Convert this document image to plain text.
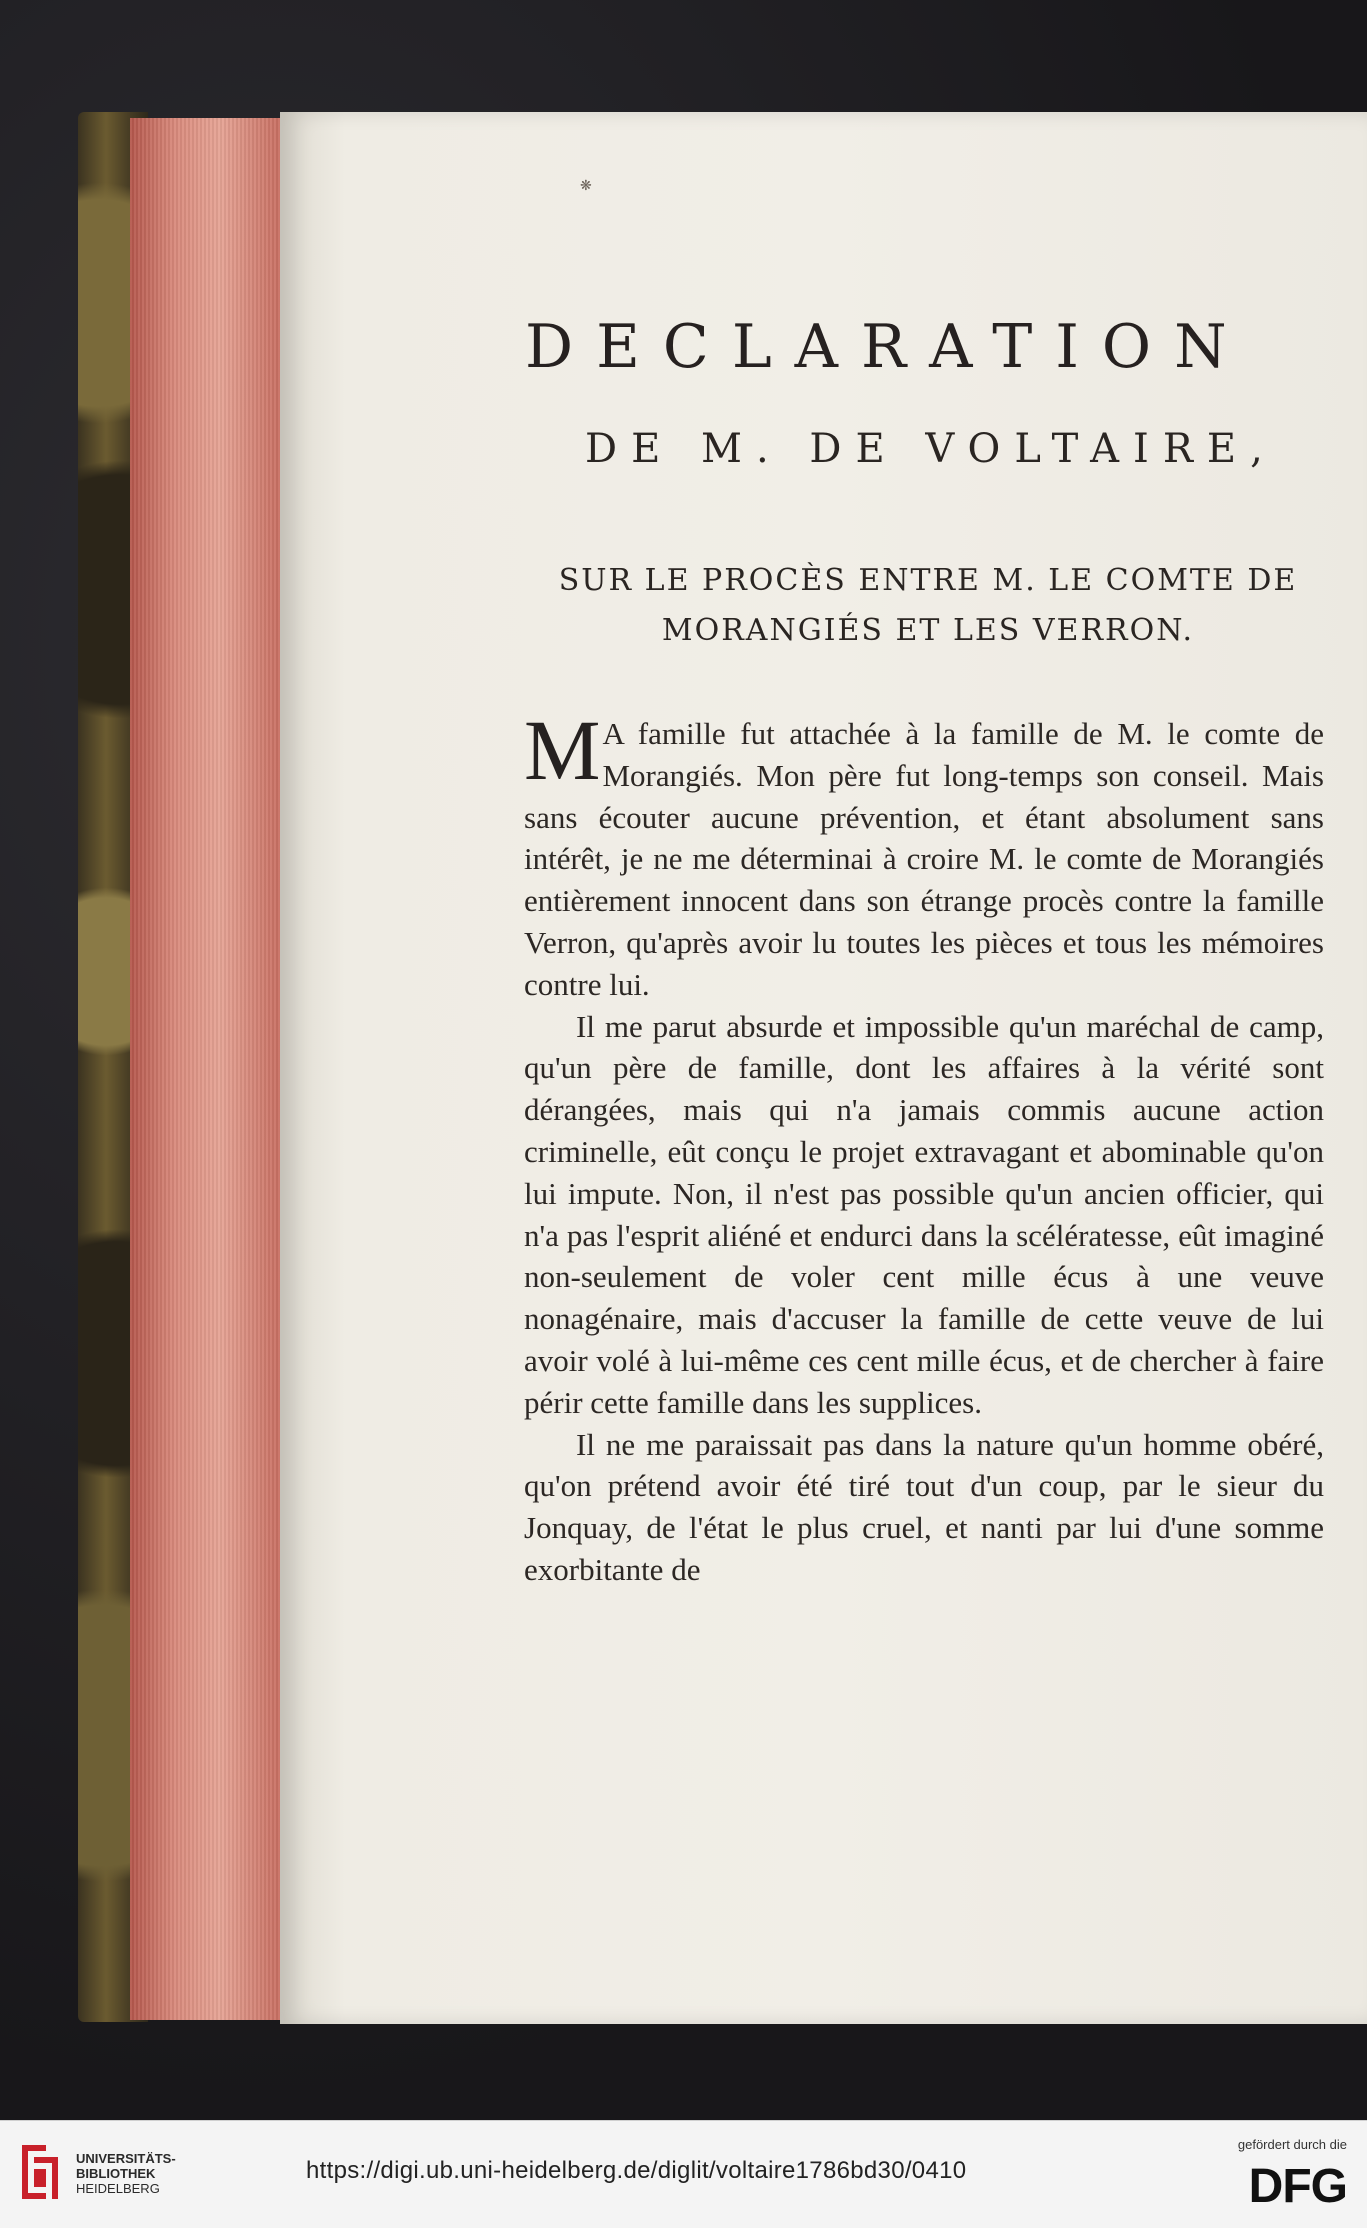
❋
DECLARATION
DE M. DE VOLTAIRE,
SUR LE PROCÈS ENTRE M. LE COMTE DE MORANGIÉS ET LES VERRON.

M A famille fut attachée à la famille de M. le comte de Morangiés. Mon père fut long-temps son conseil. Mais sans écouter aucune prévention, et étant absolument sans intérêt, je ne me déterminai à croire M. le comte de Morangiés entièrement innocent dans son étrange procès contre la famille Verron, qu'après avoir lu toutes les pièces et tous les mémoires contre lui.

Il me parut absurde et impossible qu'un maréchal de camp, qu'un père de famille, dont les affaires à la vérité sont dérangées, mais qui n'a jamais commis aucune action criminelle, eût conçu le projet extravagant et abominable qu'on lui impute. Non, il n'est pas possible qu'un ancien officier, qui n'a pas l'esprit aliéné et endurci dans la scélératesse, eût imaginé non-seulement de voler cent mille écus à une veuve nonagénaire, mais d'accuser la famille de cette veuve de lui avoir volé à lui-même ces cent mille écus, et de chercher à faire périr cette famille dans les supplices.

Il ne me paraissait pas dans la nature qu'un homme obéré, qu'on prétend avoir été tiré tout d'un coup, par le sieur du Jonquay, de l'état le plus cruel, et nanti par lui d'une somme exorbitante de

UNIVERSITÄTS-
BIBLIOTHEK
HEIDELBERG
https://digi.ub.uni-heidelberg.de/diglit/voltaire1786bd30/0410
gefördert durch die
DFG
